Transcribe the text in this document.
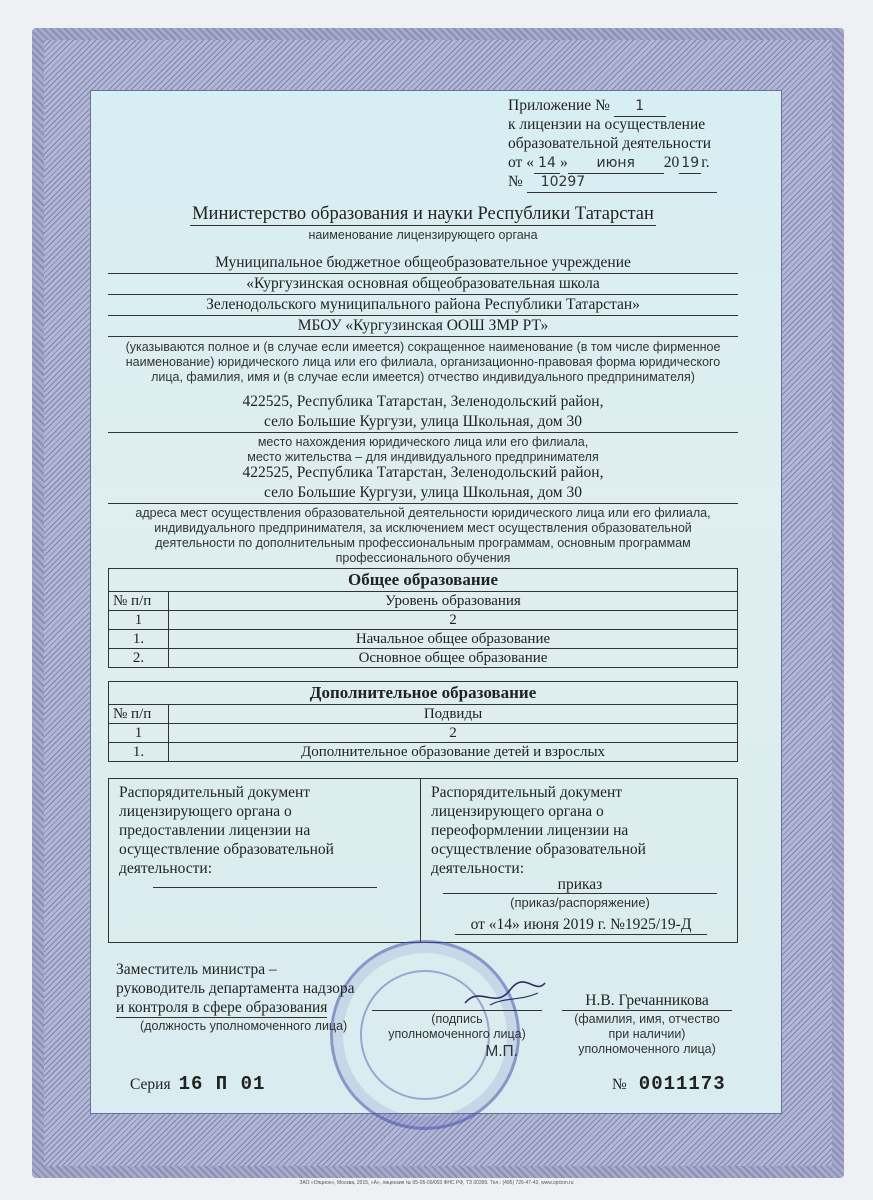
Приложение № 1
к лицензии на осуществление
образовательной деятельности
от « 14 » июня 20 19 г.
№ 10297
Министерство образования и науки Республики Татарстан
наименование лицензирующего органа
Муниципальное бюджетное общеобразовательное учреждение
«Кургузинская основная общеобразовательная школа
Зеленодольского муниципального района Республики Татарстан»
МБОУ «Кургузинская ООШ ЗМР РТ»
(указываются полное и (в случае если имеется) сокращенное наименование (в том числе фирменное наименование) юридического лица или его филиала, организационно-правовая форма юридического лица, фамилия, имя и (в случае если имеется) отчество индивидуального предпринимателя)
422525, Республика Татарстан, Зеленодольский район,
село Большие Кургузи, улица Школьная, дом 30
место нахождения юридического лица или его филиала,
место жительства – для индивидуального предпринимателя
422525, Республика Татарстан, Зеленодольский район,
село Большие Кургузи, улица Школьная, дом 30
адреса мест осуществления образовательной деятельности юридического лица или его филиала, индивидуального предпринимателя, за исключением мест осуществления образовательной деятельности по дополнительным профессиональным программам, основным программам профессионального обучения
Общее образование	
№ п/п	Уровень образования
1	2
1.	Начальное общее образование
2.	Основное общее образование
Дополнительное образование	
№ п/п	Подвиды
1	2
1.	Дополнительное образование детей и взрослых
Распорядительный документ лицензирующего органа о предоставлении лицензии на осуществление образовательной деятельности:
Распорядительный документ лицензирующего органа о переоформлении лицензии на осуществление образовательной деятельности:
приказ
(приказ/распоряжение)
от «14» июня 2019 г. №1925/19-Д
Заместитель министра –
руководитель департамента надзора
и контроля в сфере образования
(должность уполномоченного лица)	(подпись
уполномоченного лица)
М.П.
Н.В. Гречанникова
(фамилия, имя, отчество
при наличии)
уполномоченного лица)
Серия 16 П 01	№ 0011173
ЗАО «Опцион», Москва, 2015, «А», лицензия № 05-05-09/003 ФНС РФ, ТЗ 30399. Тел.: (495) 726-47-42, www.opcion.ru
